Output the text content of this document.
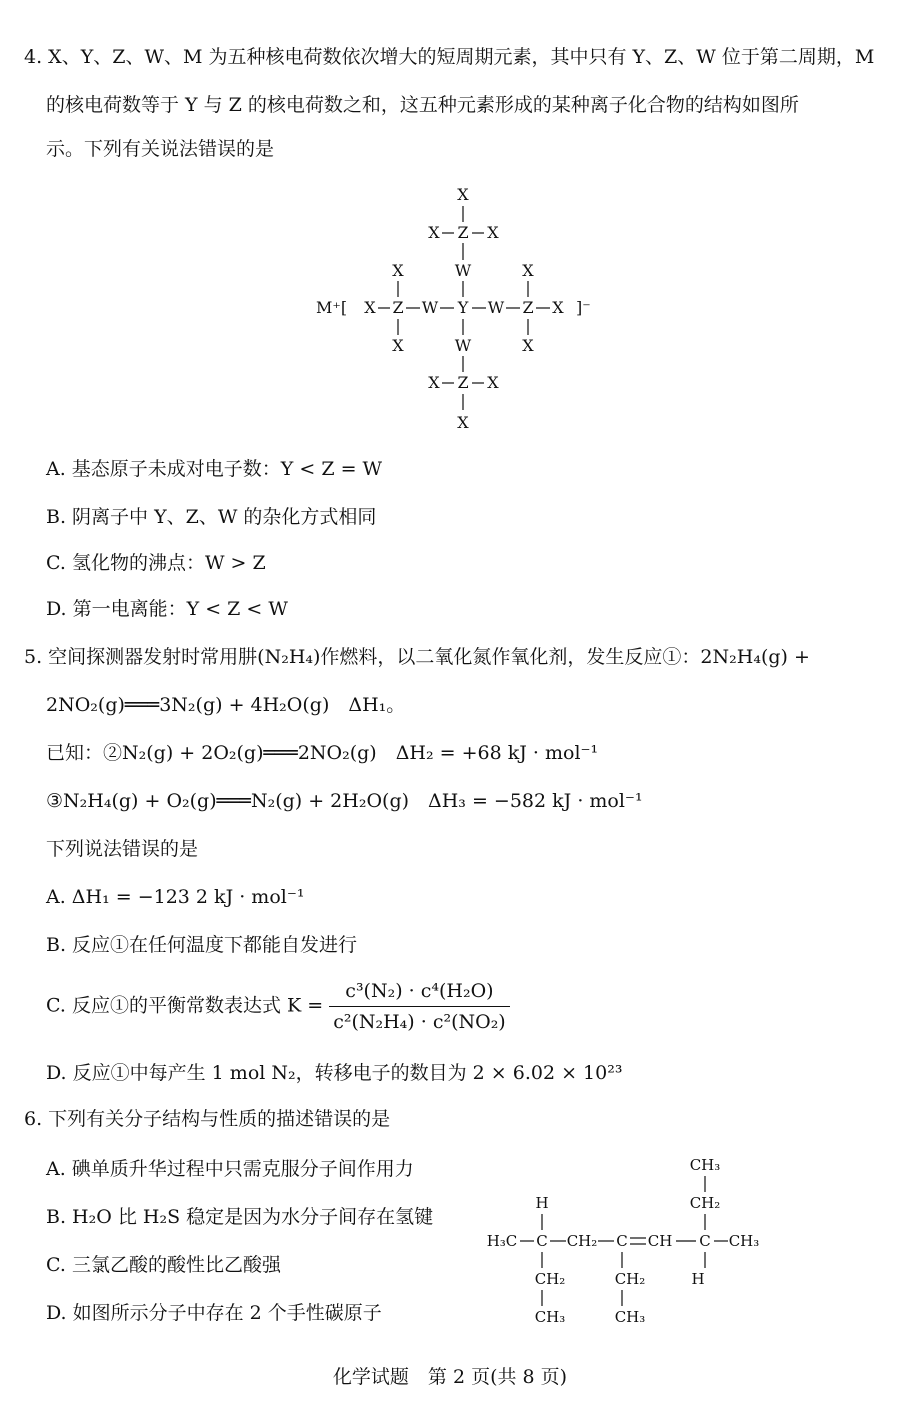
4. X、Y、Z、W、M 为五种核电荷数依次增大的短周期元素，其中只有 Y、Z、W 位于第二周期，M
的核电荷数等于 Y 与 Z 的核电荷数之和，这五种元素形成的某种离子化合物的结构如图所
示。下列有关说法错误的是
X
X Z X
W
X	X
M⁺[ X Z W Y W Z X ]⁻
X	X
W
X Z X
X
A. 基态原子未成对电子数：Y < Z = W
B. 阴离子中 Y、Z、W 的杂化方式相同
C. 氢化物的沸点：W > Z
D. 第一电离能：Y < Z < W
5. 空间探测器发射时常用肼(N₂H₄)作燃料，以二氧化氮作氧化剂，发生反应①：2N₂H₄(g) +
2NO₂(g)═══3N₂(g) + 4H₂O(g)　ΔH₁。
已知：②N₂(g) + 2O₂(g)═══2NO₂(g)　ΔH₂ = +68 kJ · mol⁻¹
③N₂H₄(g) + O₂(g)═══N₂(g) + 2H₂O(g)　ΔH₃ = −582 kJ · mol⁻¹
下列说法错误的是
A. ΔH₁ = −123 2 kJ · mol⁻¹
B. 反应①在任何温度下都能自发进行
C. 反应①的平衡常数表达式 $K = \frac{\text{c³(N₂) · c⁴(H₂O)}}{\text{c²(N₂H₄) · c²(NO₂)}}$
D. 反应①中每产生 1 mol N₂，转移电子的数目为 2 × 6.02 × 10²³
6. 下列有关分子结构与性质的描述错误的是
A. 碘单质升华过程中只需克服分子间作用力
B. H₂O 比 H₂S 稳定是因为水分子间存在氢键
C. 三氯乙酸的酸性比乙酸强
D. 如图所示分子中存在 2 个手性碳原子
CH₃
CH₂
H
H₃C C CH₂ C CH C CH₃
CH₂
CH₃
CH₂
CH₃
H
化学试题　第 2 页(共 8 页)
